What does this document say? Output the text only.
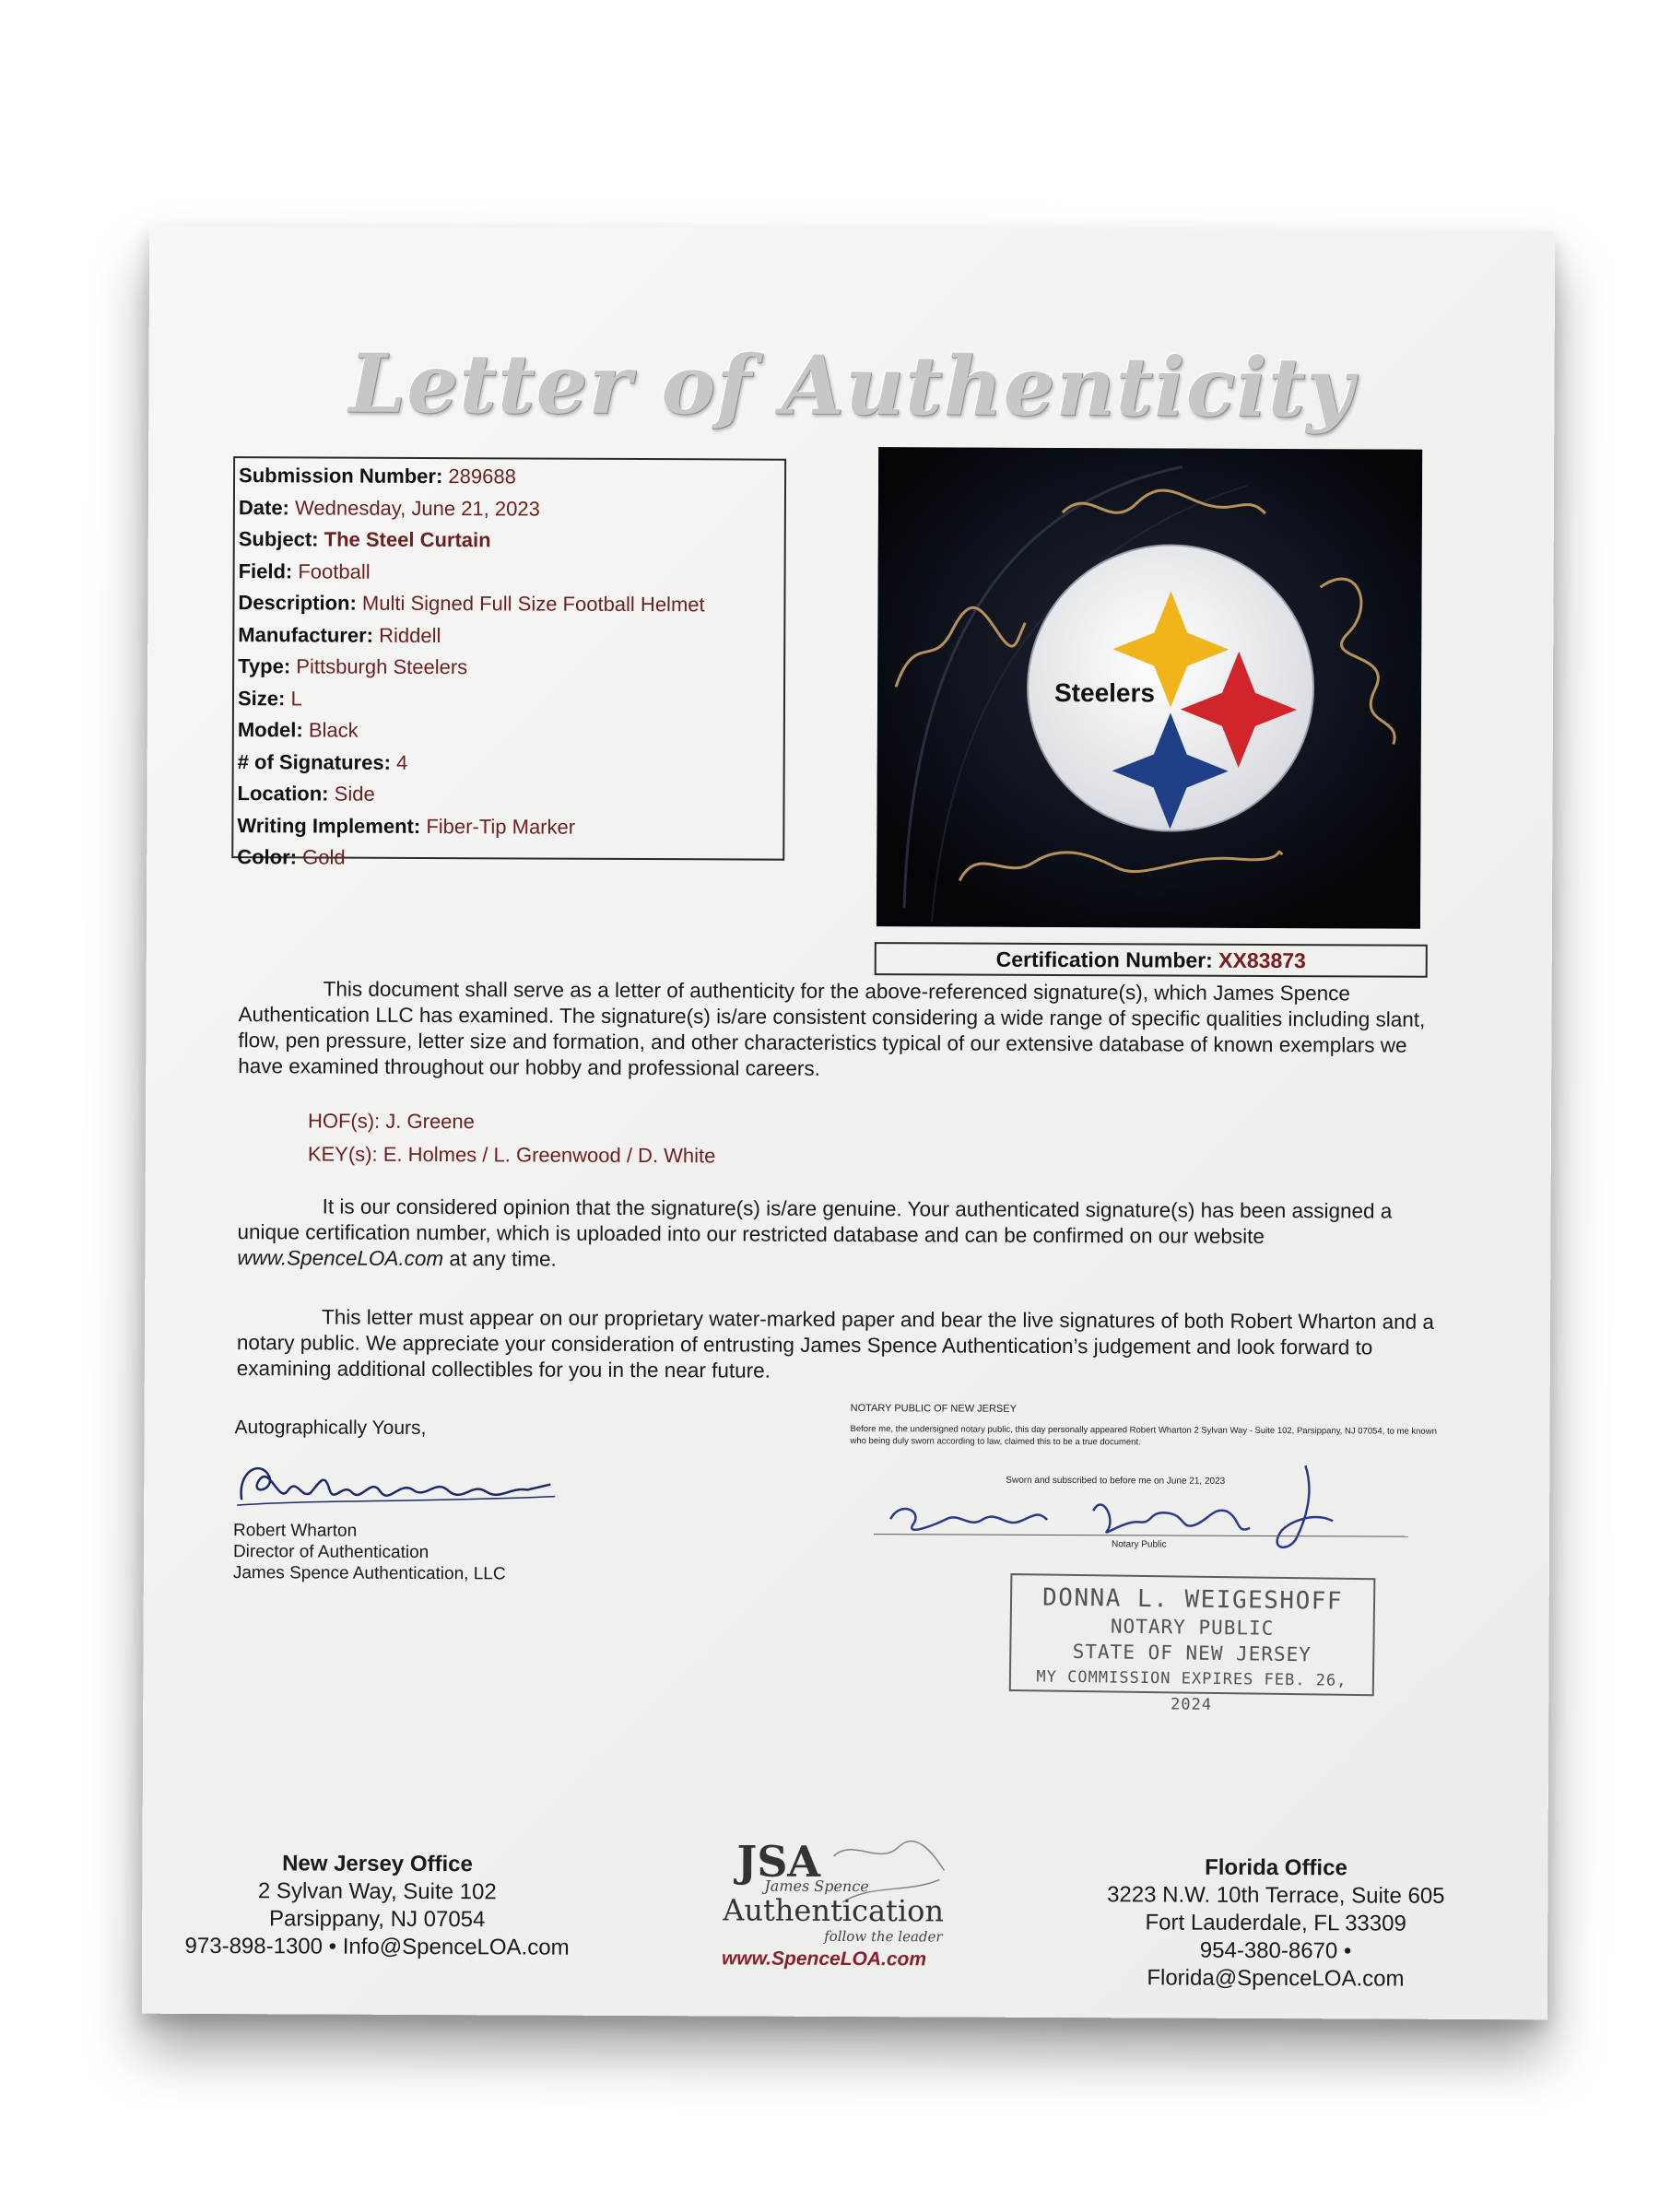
Letter of Authenticity
Submission Number: 289688
Date: Wednesday, June 21, 2023
Subject: The Steel Curtain
Field: Football
Description: Multi Signed Full Size Football Helmet
Manufacturer: Riddell
Type: Pittsburgh Steelers
Size: L
Model: Black
# of Signatures: 4
Location: Side
Writing Implement: Fiber-Tip Marker
Color: Gold
Steelers
Certification Number: XX83873
This document shall serve as a letter of authenticity for the above-referenced signature(s), which James Spence Authentication LLC has examined. The signature(s) is/are consistent considering a wide range of specific qualities including slant, flow, pen pressure, letter size and formation, and other characteristics typical of our extensive database of known exemplars we have examined throughout our hobby and professional careers.
HOF(s): J. Greene
KEY(s): E. Holmes / L. Greenwood / D. White
It is our considered opinion that the signature(s) is/are genuine. Your authenticated signature(s) has been assigned a unique certification number, which is uploaded into our restricted database and can be confirmed on our website www.SpenceLOA.com at any time.
This letter must appear on our proprietary water-marked paper and bear the live signatures of both Robert Wharton and a notary public. We appreciate your consideration of entrusting James Spence Authentication’s judgement and look forward to examining additional collectibles for you in the near future.
Autographically Yours,
Robert Wharton
Director of Authentication
James Spence Authentication, LLC
NOTARY PUBLIC OF NEW JERSEY
Before me, the undersigned notary public, this day personally appeared Robert Wharton 2 Sylvan Way - Suite 102, Parsippany, NJ 07054, to me known who being duly sworn according to law, claimed this to be a true document.
Sworn and subscribed to before me on June 21, 2023
Notary Public
DONNA L. WEIGESHOFF
NOTARY PUBLIC
STATE OF NEW JERSEY
MY COMMISSION EXPIRES FEB. 26, 2024
New Jersey Office
2 Sylvan Way, Suite 102
Parsippany, NJ 07054
973-898-1300 • Info@SpenceLOA.com
JSA
James Spence
Authentication
follow the leader
www.SpenceLOA.com
Florida Office
3223 N.W. 10th Terrace, Suite 605
Fort Lauderdale, FL 33309
954-380-8670 • Florida@SpenceLOA.com
